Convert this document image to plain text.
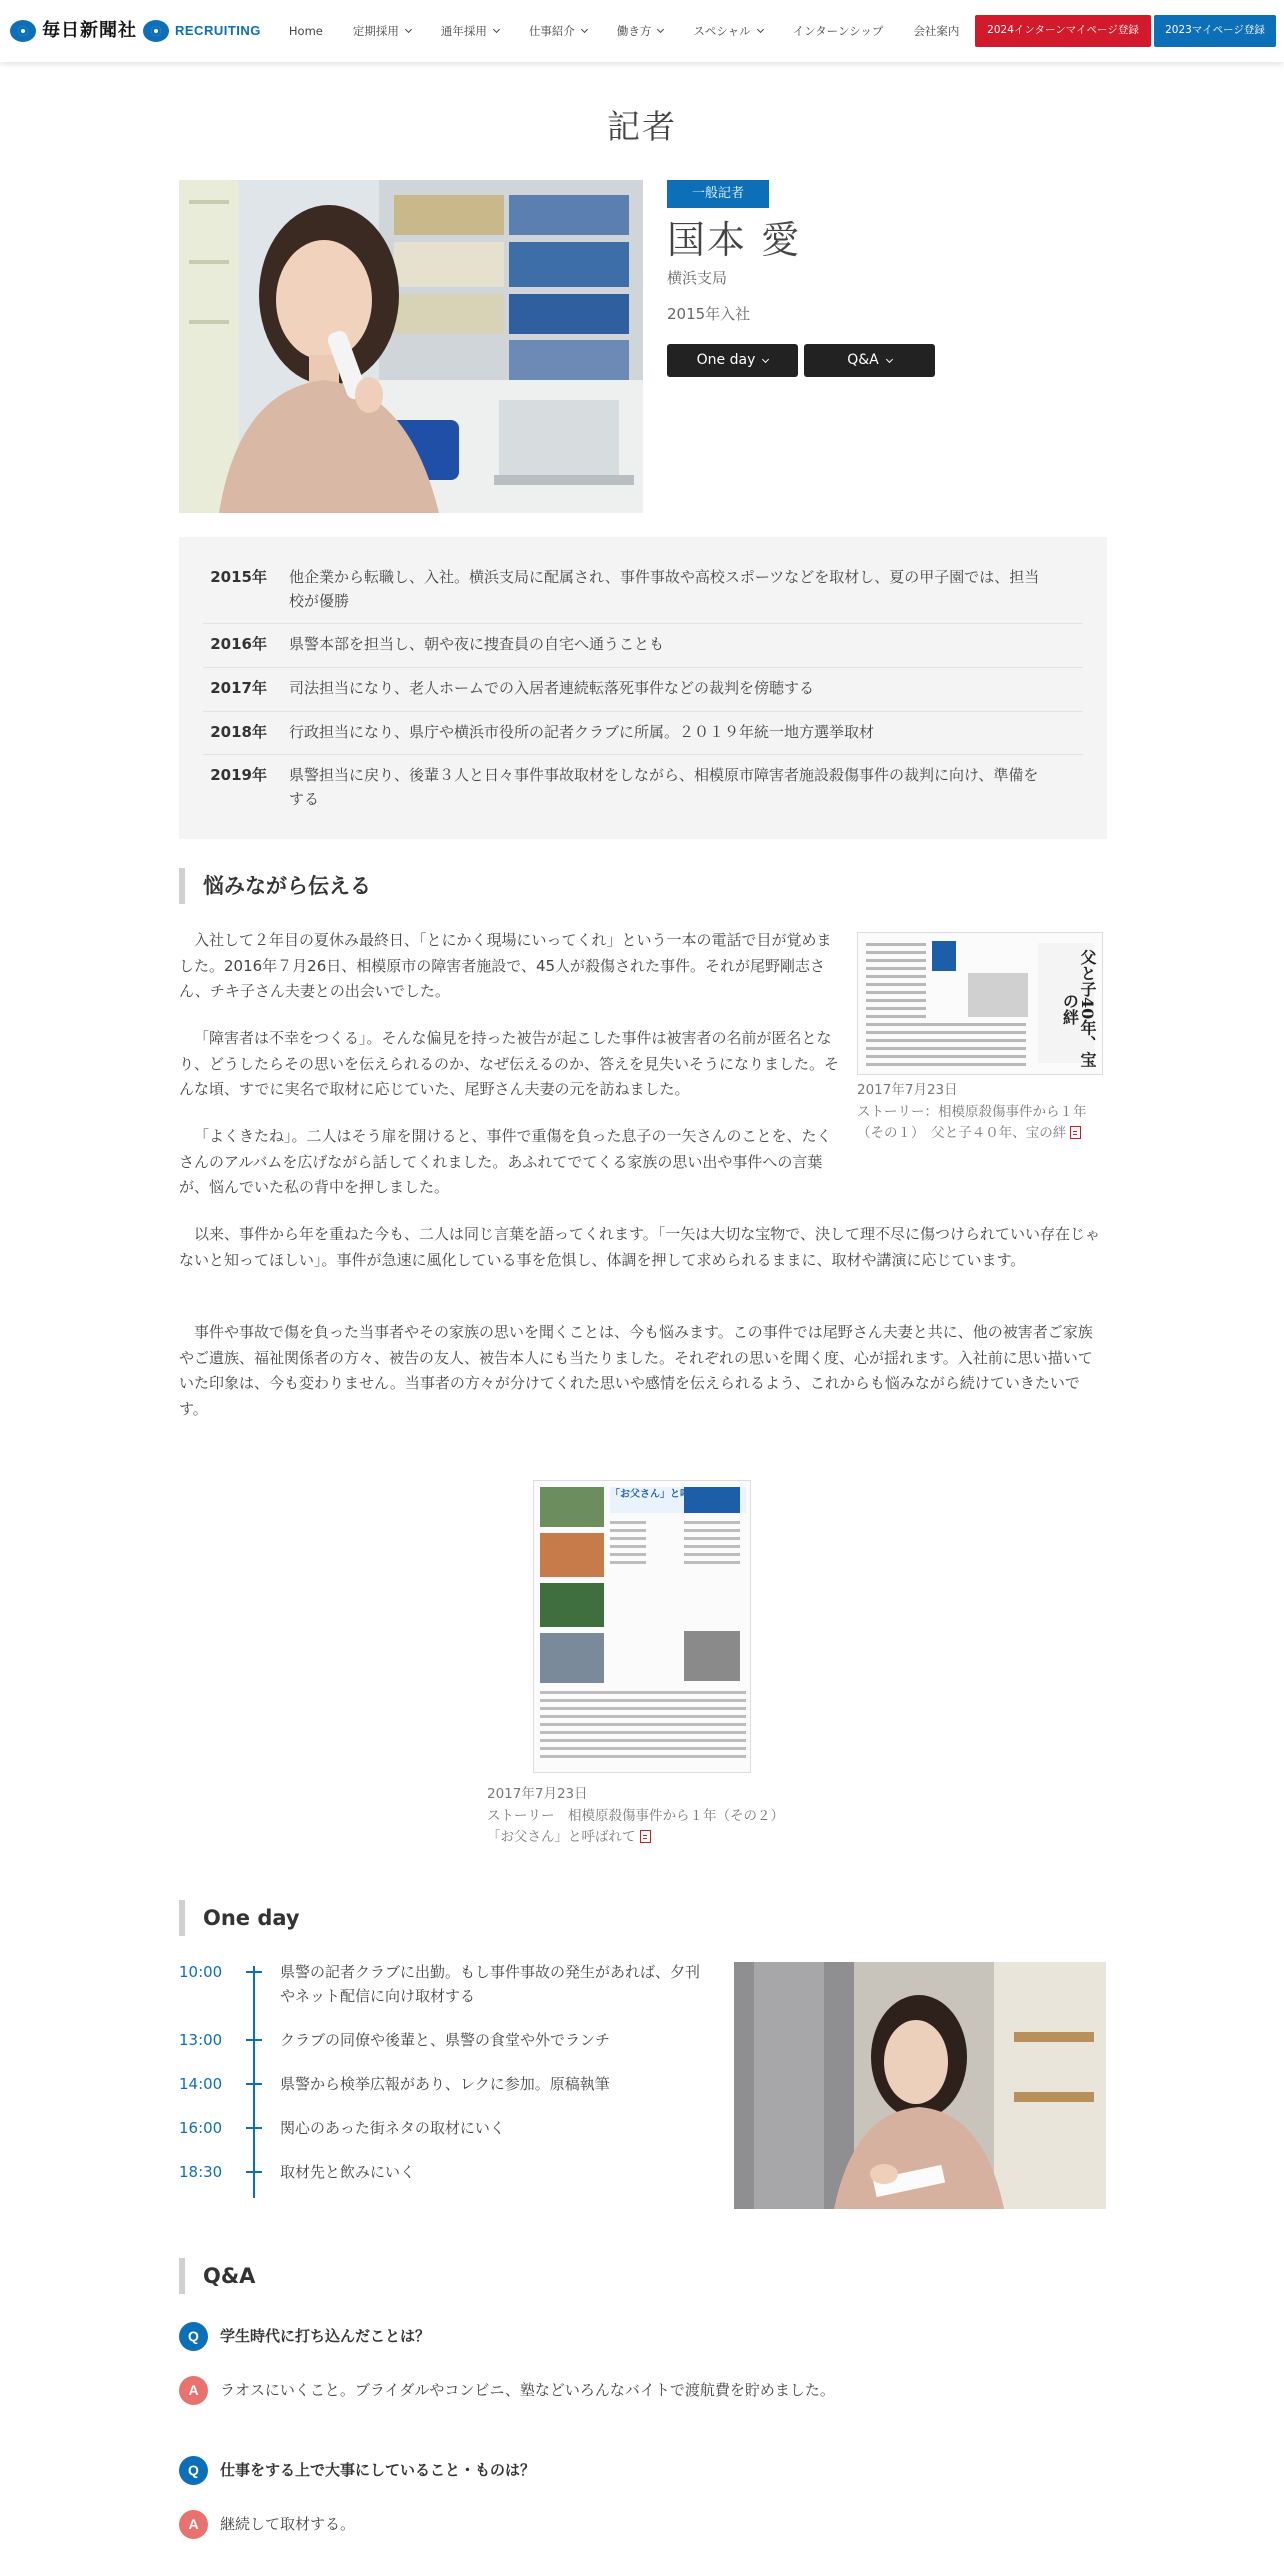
毎日新聞社	RECRUITING Home	定期採用	通年採用	仕事紹介	働き方	スペシャル	インターンシップ	会社案内	2024インターンマイページ登録	2023マイページ登録
記者
一般記者
国本 愛
横浜支局
2015年入社
One day	Q&A
2015年	他企業から転職し、入社。横浜支局に配属され、事件事故や高校スポーツなどを取材し、夏の甲子園では、担当校が優勝
2016年	県警本部を担当し、朝や夜に捜査員の自宅へ通うことも
2017年	司法担当になり、老人ホームでの入居者連続転落死事件などの裁判を傍聴する
2018年	行政担当になり、県庁や横浜市役所の記者クラブに所属。２０１９年統一地方選挙取材
2019年	県警担当に戻り、後輩３人と日々事件事故取材をしながら、相模原市障害者施設殺傷事件の裁判に向け、準備をする
悩みながら伝える

入社して２年目の夏休み最終日、「とにかく現場にいってくれ」という一本の電話で目が覚めました。2016年７月26日、相模原市の障害者施設で、45人が殺傷された事件。それが尾野剛志さん、チキ子さん夫妻との出会いでした。

「障害者は不幸をつくる」。そんな偏見を持った被告が起こした事件は被害者の名前が匿名となり、どうしたらその思いを伝えられるのか、なぜ伝えるのか、答えを見失いそうになりました。そんな頃、すでに実名で取材に応じていた、尾野さん夫妻の元を訪ねました。

「よくきたね」。二人はそう扉を開けると、事件で重傷を負った息子の一矢さんのことを、たくさんのアルバムを広げながら話してくれました。あふれてでてくる家族の思い出や事件への言葉が、悩んでいた私の背中を押しました。

以来、事件から年を重ねた今も、二人は同じ言葉を語ってくれます。「一矢は大切な宝物で、決して理不尽に傷つけられていい存在じゃないと知ってほしい」。事件が急速に風化している事を危惧し、体調を押して求められるままに、取材や講演に応じています。

事件や事故で傷を負った当事者やその家族の思いを聞くことは、今も悩みます。この事件では尾野さん夫妻と共に、他の被害者ご家族やご遺族、福祉関係者の方々、被告の友人、被告本人にも当たりました。それぞれの思いを聞く度、心が揺れます。入社前に思い描いていた印象は、今も変わりません。当事者の方々が分けてくれた思いや感情を伝えられるよう、これからも悩みながら続けていきたいです。

父と子40年、宝の絆
2017年7月23日
ストーリー：相模原殺傷事件から１年（その１）　父と子４０年、宝の絆
「お父さん」と呼ばれて
2017年7月23日
ストーリー　相模原殺傷事件から１年（その２）
「お父さん」と呼ばれて
One day
10:00	県警の記者クラブに出勤。もし事件事故の発生があれば、夕刊やネット配信に向け取材する
13:00	クラブの同僚や後輩と、県警の食堂や外でランチ
14:00	県警から検挙広報があり、レクに参加。原稿執筆
16:00	関心のあった街ネタの取材にいく
18:30	取材先と飲みにいく
Q&A
Q	学生時代に打ち込んだことは？
A	ラオスにいくこと。ブライダルやコンビニ、塾などいろんなバイトで渡航費を貯めました。
Q	仕事をする上で大事にしていること・ものは？
A	継続して取材する。
